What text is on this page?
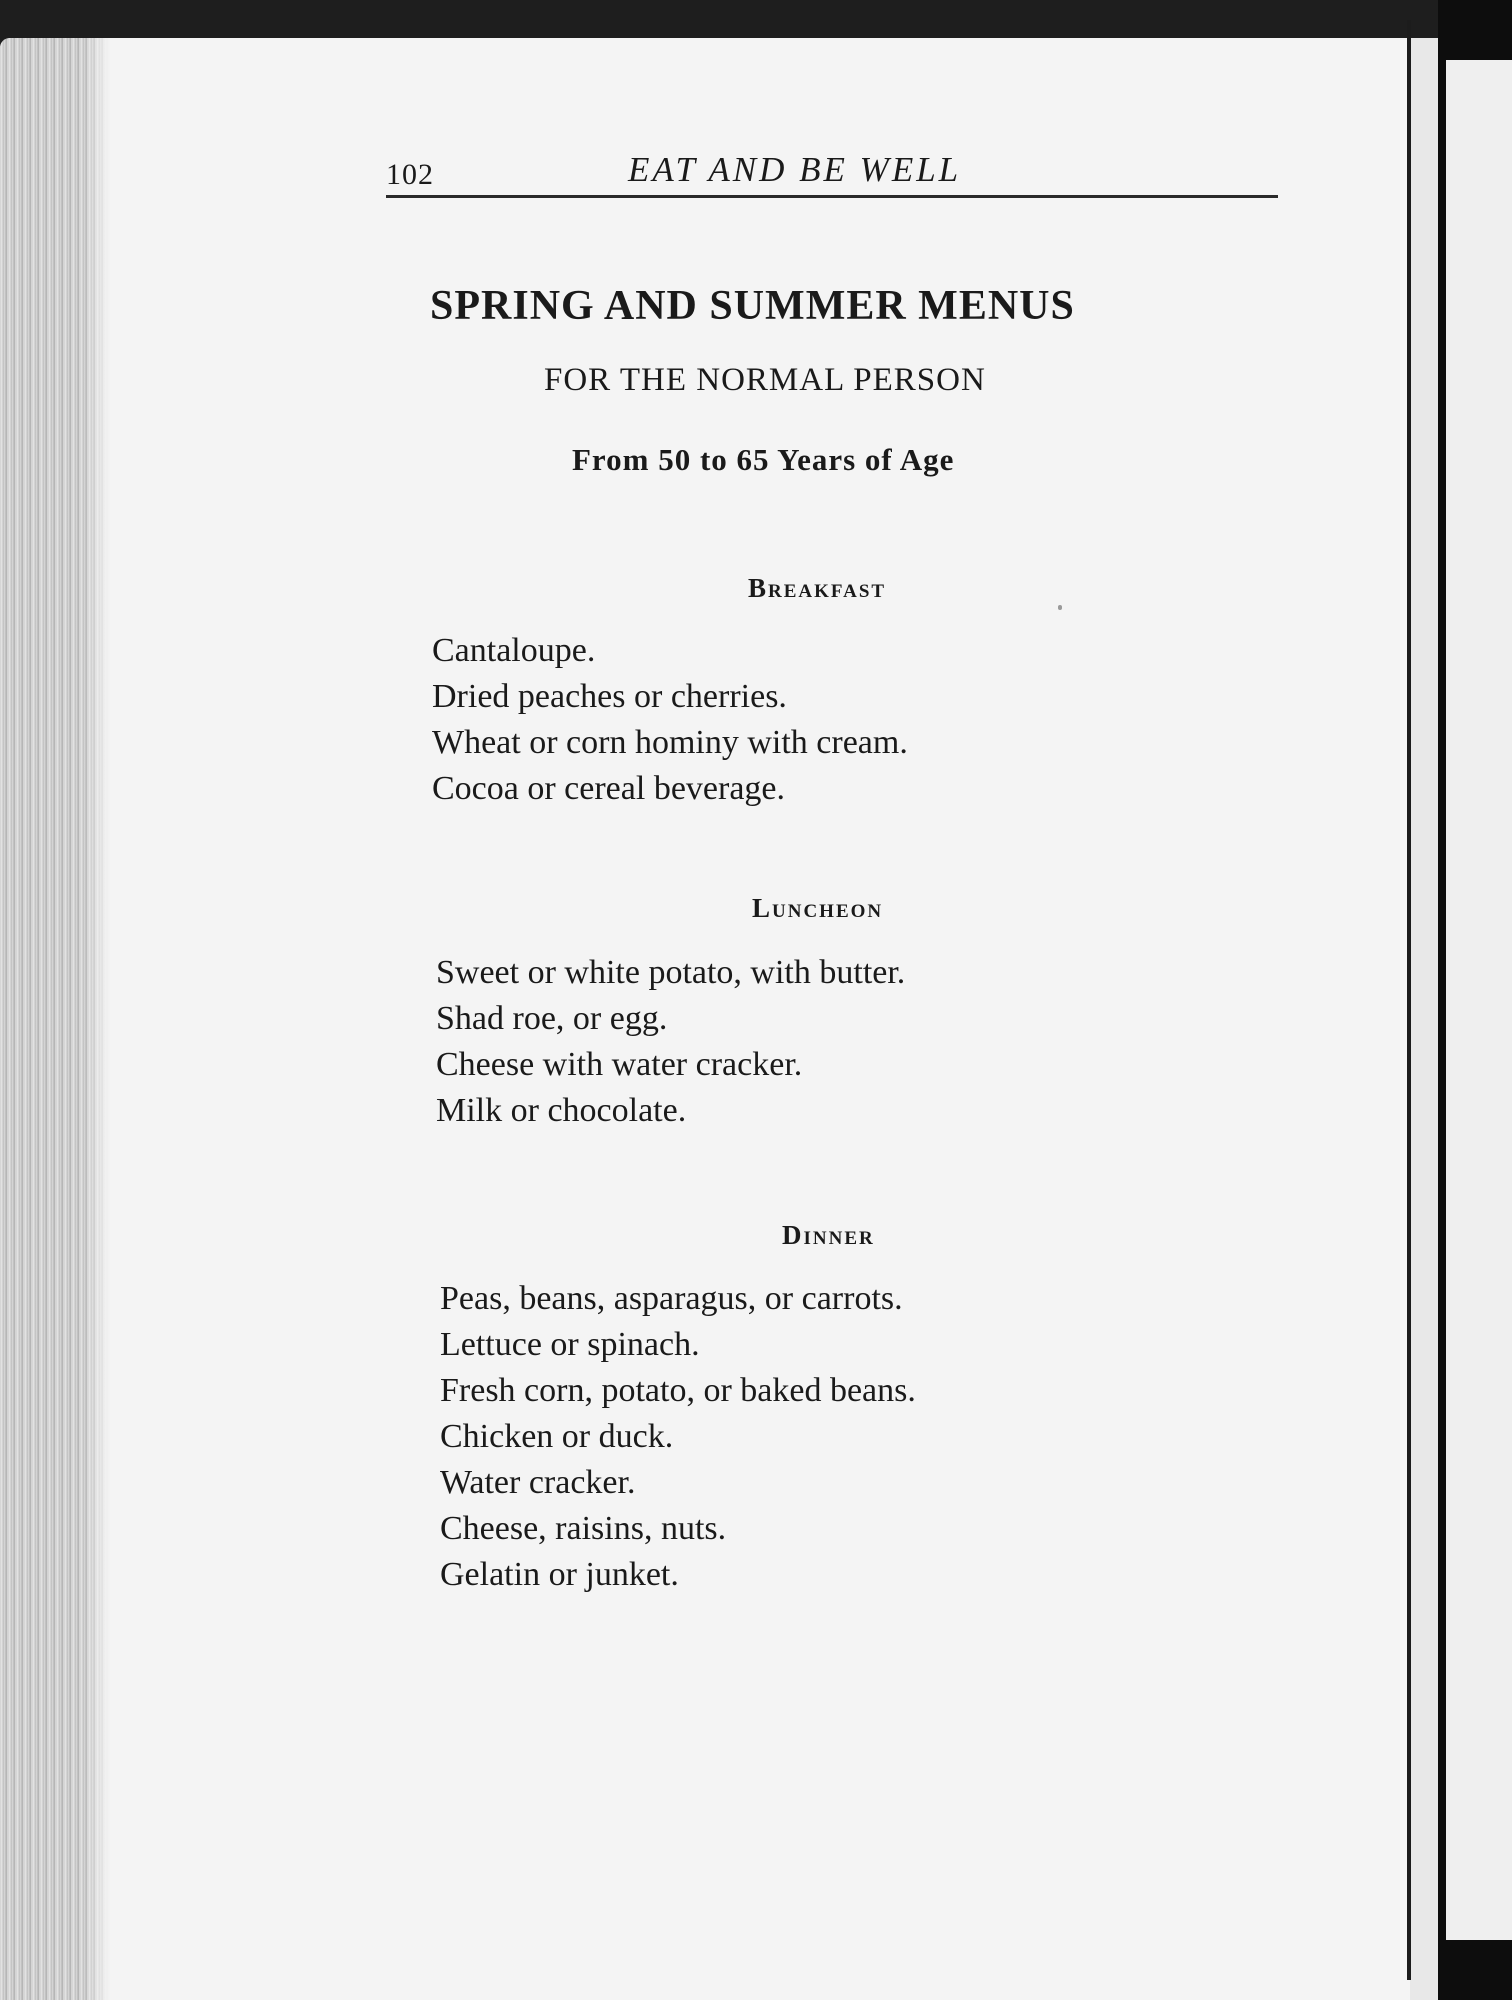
102	EAT AND BE WELL
SPRING AND SUMMER MENUS
FOR THE NORMAL PERSON
From 50 to 65 Years of Age
Breakfast
Cantaloupe.
Dried peaches or cherries.
Wheat or corn hominy with cream.
Cocoa or cereal beverage.
Luncheon
Sweet or white potato, with butter.
Shad roe, or egg.
Cheese with water cracker.
Milk or chocolate.
Dinner
Peas, beans, asparagus, or carrots.
Lettuce or spinach.
Fresh corn, potato, or baked beans.
Chicken or duck.
Water cracker.
Cheese, raisins, nuts.
Gelatin or junket.
